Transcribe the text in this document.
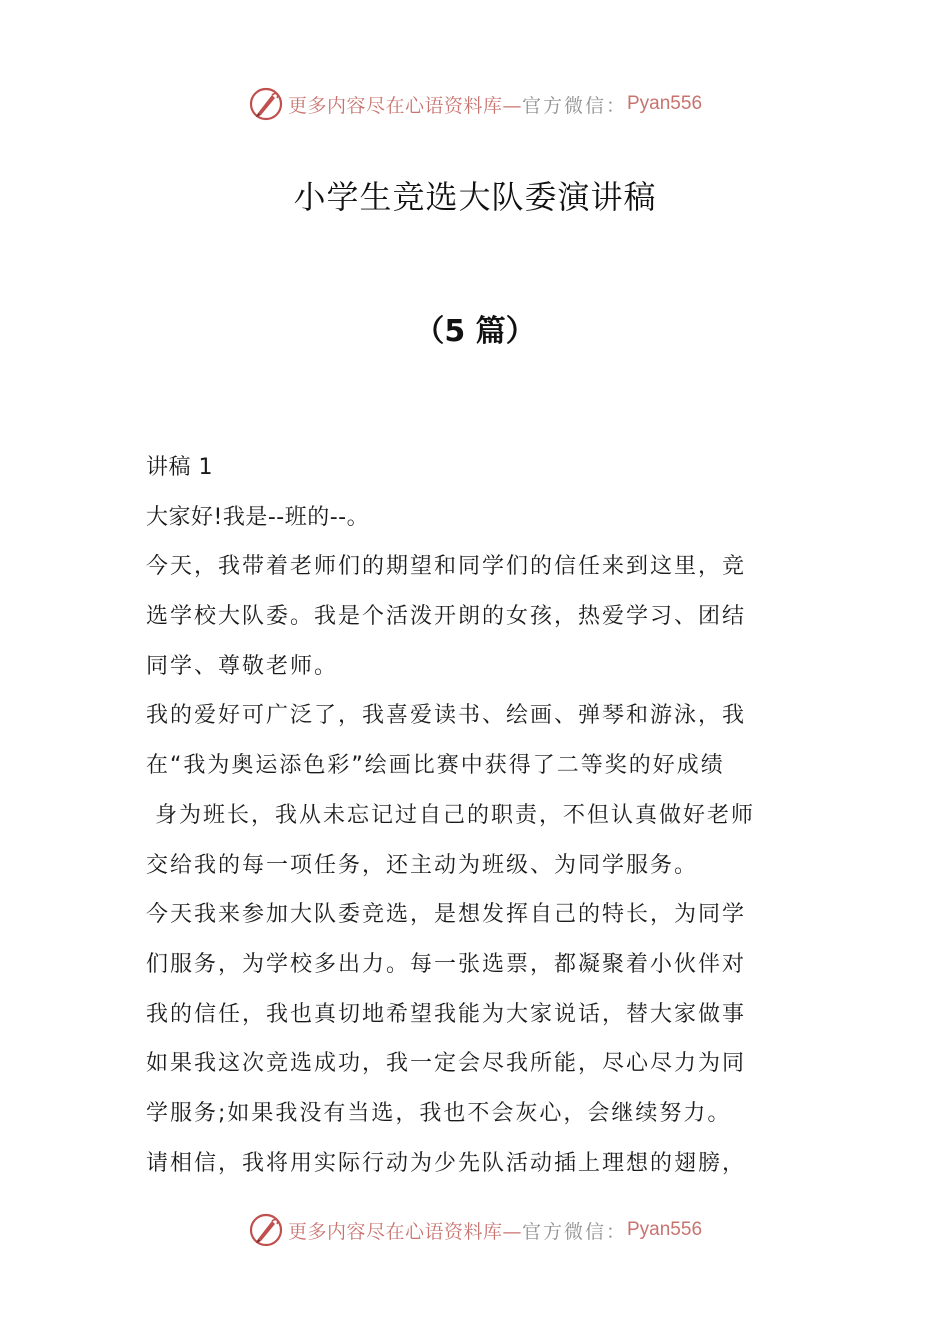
更多内容尽在心语资料库— 官方微信： Pyan556
小学生竞选大队委演讲稿
（5 篇）
讲稿 1
大家好!我是--班的--。
今天，我带着老师们的期望和同学们的信任来到这里，竞
选学校大队委。我是个活泼开朗的女孩，热爱学习、团结
同学、尊敬老师。
我的爱好可广泛了，我喜爱读书、绘画、弹琴和游泳，我
在“我为奥运添色彩”绘画比赛中获得了二等奖的好成绩
身为班长，我从未忘记过自己的职责，不但认真做好老师
交给我的每一项任务，还主动为班级、为同学服务。
今天我来参加大队委竞选，是想发挥自己的特长，为同学
们服务，为学校多出力。每一张选票，都凝聚着小伙伴对
我的信任，我也真切地希望我能为大家说话，替大家做事
如果我这次竞选成功，我一定会尽我所能，尽心尽力为同
学服务;如果我没有当选，我也不会灰心，会继续努力。
请相信，我将用实际行动为少先队活动插上理想的翅膀，
更多内容尽在心语资料库— 官方微信： Pyan556
